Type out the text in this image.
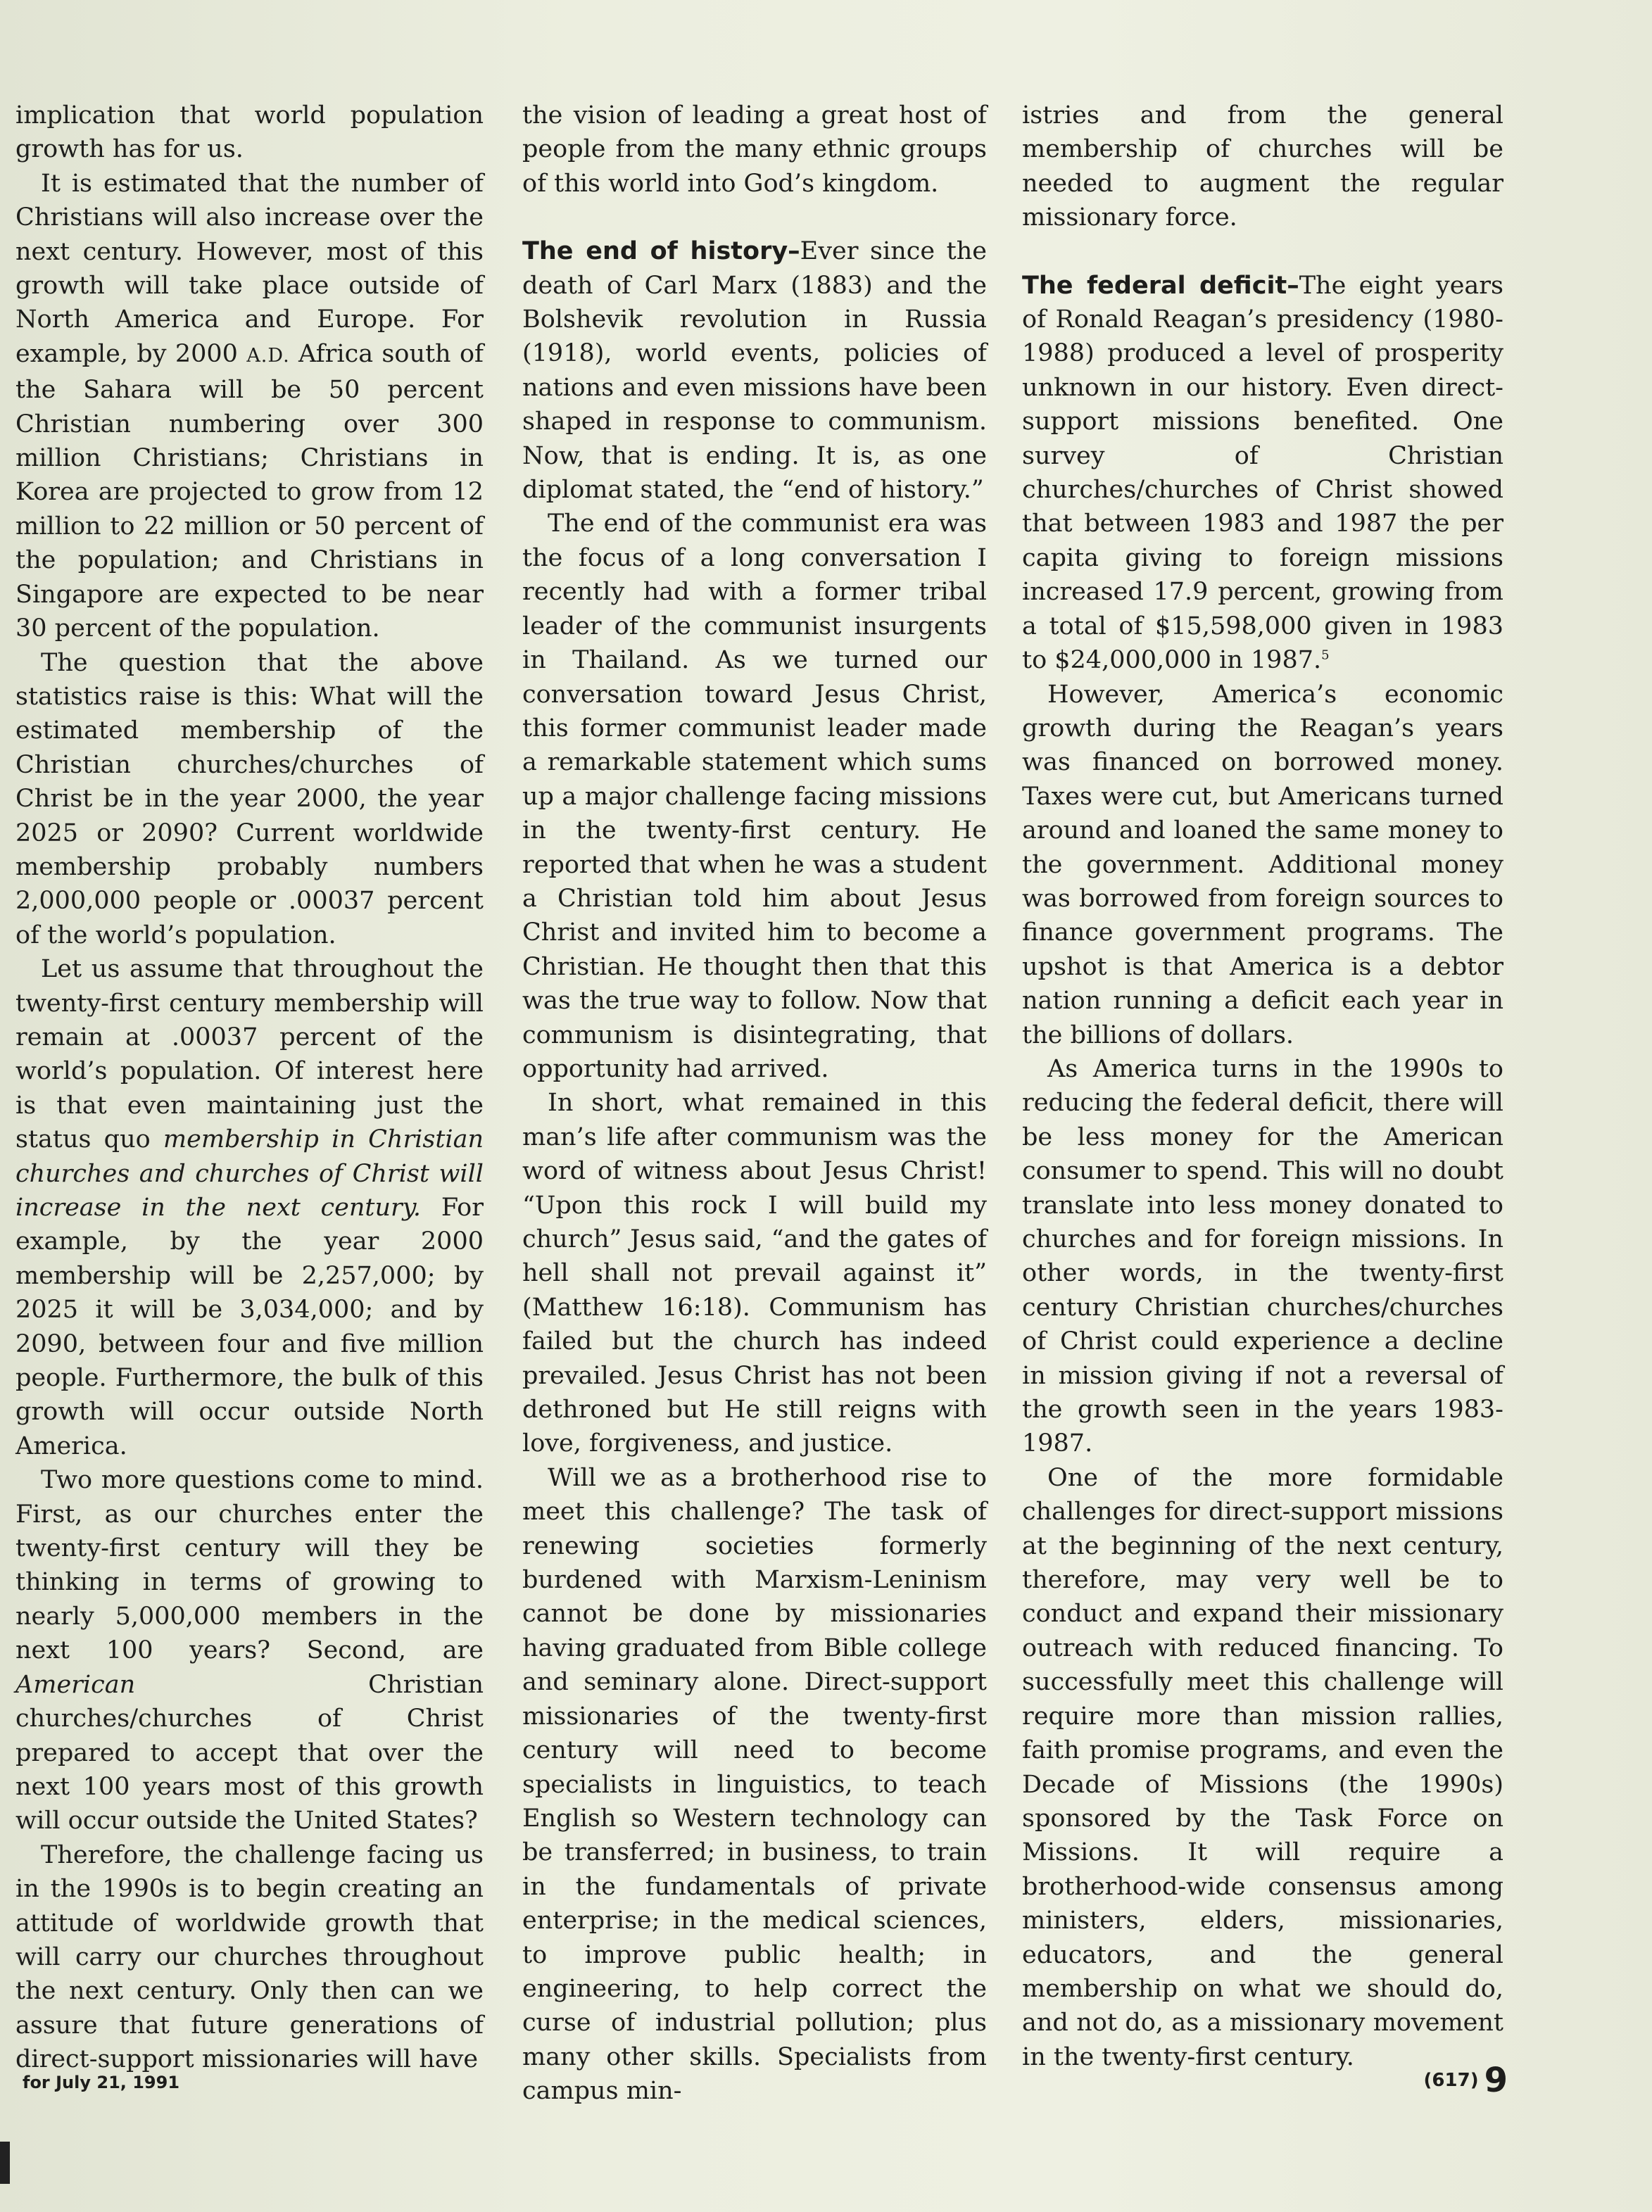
implication that world population growth has for us.

It is estimated that the number of Christians will also increase over the next century. However, most of this growth will take place outside of North America and Europe. For example, by 2000 A.D. Africa south of the Sahara will be 50 percent Christian numbering over 300 million Christians; Christians in Korea are projected to grow from 12 million to 22 million or 50 percent of the population; and Christians in Singapore are expected to be near 30 percent of the population.

The question that the above statistics raise is this: What will the estimated membership of the Christian churches/churches of Christ be in the year 2000, the year 2025 or 2090? Current worldwide membership probably numbers 2,000,000 people or .00037 percent of the world’s population.

Let us assume that throughout the twenty-first century membership will remain at .00037 percent of the world’s population. Of interest here is that even maintaining just the status quo membership in Christian churches and churches of Christ will increase in the next century. For example, by the year 2000 membership will be 2,257,000; by 2025 it will be 3,034,000; and by 2090, between four and five million people. Furthermore, the bulk of this growth will occur outside North America.

Two more questions come to mind. First, as our churches enter the twenty-first century will they be thinking in terms of growing to nearly 5,000,000 members in the next 100 years? Second, are American	Christian churches/churches of Christ prepared to accept that over the next 100 years most of this growth will occur outside the United States?

Therefore, the challenge facing us in the 1990s is to begin creating an attitude of worldwide growth that will carry our churches throughout the next century. Only then can we assure that future generations of direct-support missionaries will have

the vision of leading a great host of people from the many ethnic groups of this world into God’s kingdom.

The end of history–Ever since the death of Carl Marx (1883) and the Bolshevik revolution in Russia (1918), world events, policies of nations and even missions have been shaped in response to communism. Now, that is ending. It is, as one diplomat stated, the “end of history.”

The end of the communist era was the focus of a long conversation I recently had with a former tribal leader of the communist insurgents in Thailand. As we turned our conversation toward Jesus Christ, this former communist leader made a remarkable statement which sums up a major challenge facing missions in the twenty-first century. He reported that when he was a student a Christian told him about Jesus Christ and invited him to become a Christian. He thought then that this was the true way to follow. Now that communism is disintegrating, that opportunity had arrived.

In short, what remained in this man’s life after communism was the word of witness about Jesus Christ! “Upon this rock I will build my church” Jesus said, “and the gates of hell shall not prevail against it” (Matthew 16:18). Communism has failed but the church has indeed prevailed. Jesus Christ has not been dethroned but He still reigns with love, forgiveness, and justice.

Will we as a brotherhood rise to meet this challenge? The task of renewing societies formerly burdened with Marxism-Leninism cannot be done by missionaries having graduated from Bible college and seminary alone. Direct-support missionaries of the twenty-first century will need to become specialists in linguistics, to teach English so Western technology can be transferred; in business, to train in the fundamentals of private enterprise; in the medical sciences, to improve public health; in engineering, to help correct the curse of industrial pollution; plus many other skills. Specialists from campus min-

istries and from the general membership of churches will be needed to augment the regular missionary force.

The federal deficit–The eight years of Ronald Reagan’s presidency (1980-1988) produced a level of prosperity unknown in our history. Even direct-support missions benefited. One survey of Christian churches/churches of Christ showed that between 1983 and 1987 the per capita giving to foreign missions increased 17.9 percent, growing from a total of $15,598,000 given in 1983 to $24,000,000 in 1987.$^5$

However, America’s economic growth during the Reagan’s years was financed on borrowed money. Taxes were cut, but Americans turned around and loaned the same money to the government. Additional money was borrowed from foreign sources to finance government programs. The upshot is that America is a debtor nation running a deficit each year in the billions of dollars.

As America turns in the 1990s to reducing the federal deficit, there will be less money for the American consumer to spend. This will no doubt translate into less money donated to churches and for foreign missions. In other words, in the twenty-first century Christian churches/churches of Christ could experience a decline in mission giving if not a reversal of the growth seen in the years 1983-1987.

One of the more formidable challenges for direct-support missions at the beginning of the next century, therefore, may very well be to conduct and expand their missionary outreach with reduced financing. To successfully meet this challenge will require more than mission rallies, faith promise programs, and even the Decade of Missions (the 1990s) sponsored by the Task Force on Missions. It will require a brotherhood-wide consensus among ministers, elders, missionaries, educators, and the general membership on what we should do, and not do, as a missionary movement in the twenty-first century.

for July 21, 1991	(617) 9
